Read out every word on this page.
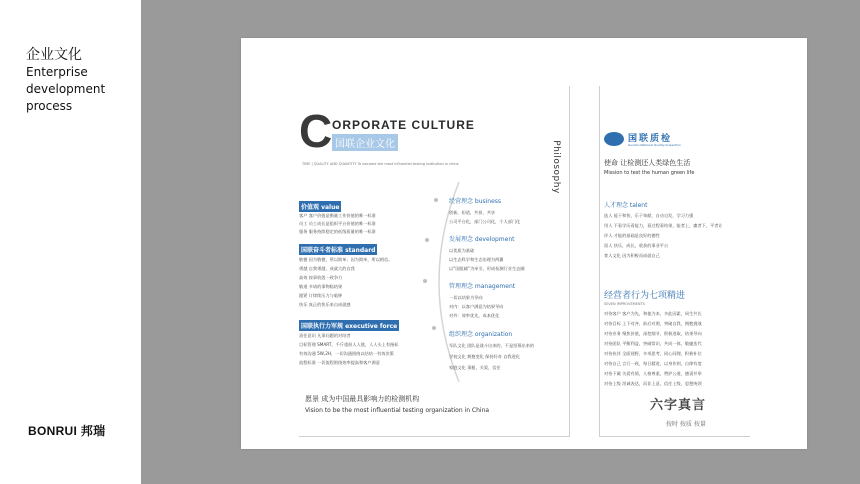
企业文化
Enterprise development process
BONRUI 邦瑞
C ORPORATE CULTURE
国联企业文化
TIME | QUALITY AND QUANTITY To become the most influential testing institution in china	Philosophy
价值观 value
客户 客户价值是衡量工作价值的唯一标准
员工 员工成长是组织平台价值的唯一标准
服务 服务持续稳定的低级质量的唯一标准
国联奋斗者标准 standard
敬德 因为敬德，所以简单；因为简单，所以相信。
勇越 自我勇越，成就大的自我
高效 按事收敛一致争力
敏道 多请的事物临结果
跟紧 订律续压力与临钟
快乐 真正的快乐来自成就感
国联执行力军规 executive force
责任意识 凡事问题的对结者
目标管理 SMART，千斤重担人人挑，人人头上有指标
有效沟通 5W,2H，一切沟通围绕以结结一有效决策
流程标准 一切流程围绕效率提高和客户满意
经营理念 business
创新，担道，共担，共享
公司平台化，部门公司化，个人部门化
发展理念 development
以优质为基础
以生态科学和生态治理为两翼
以“国组辅”为牵引，形成检测行业生态圈
管理理念 management
一切以结果为导向
对内：以客户满意为结果导向
对外：效率优先，成本优化
组织理念 organization
军队文化 团队是战斗出来的，不是招募出来的
学校文化 拥抱变化 保持好奇 自我进化
家庭文化 事慈，关爱，信任
愿景 成为中国最具影响力的检测机构
Vision to be the most influential testing organization in China
国联质检
Guolian National Quality Inspection
使命 让检测还人类绿色生活
Mission to test the human green life
人才理念 talent
选人 能干和快，乐于奉献，自动自发，学习力强
用人 不看学历看能力，看过程看结果，能者上，庸者下，平者让
评人 才能的基础是良好的德性
留人 快乐，成长，收获的事业平台
育人文化 因为积极而成就自己
经营者行为七项精进
SEVEN IMPROVEMENTS
对待客户 客户为先，和他为本，多此因素，同生共长
对待目标 上下对齐，前后对照，突破自我，拥抱挑战
对待业务 聚焦价值，深挖细节，积极进取，结果导向
对待团队 平衡利益，突破常识，共成一体，敏捷迭代
对待伙伴 全面视野，多项思考，同心同理，积极补位
对待自己 言行一致，每日精进，以身作则，自律有度
对待下属 关爱有情，人格尊重，赞护公道，德责并举
对待上级 坦诚表达，而非上意，信任上级，思想统领
六字真言
按时 按质 按量
